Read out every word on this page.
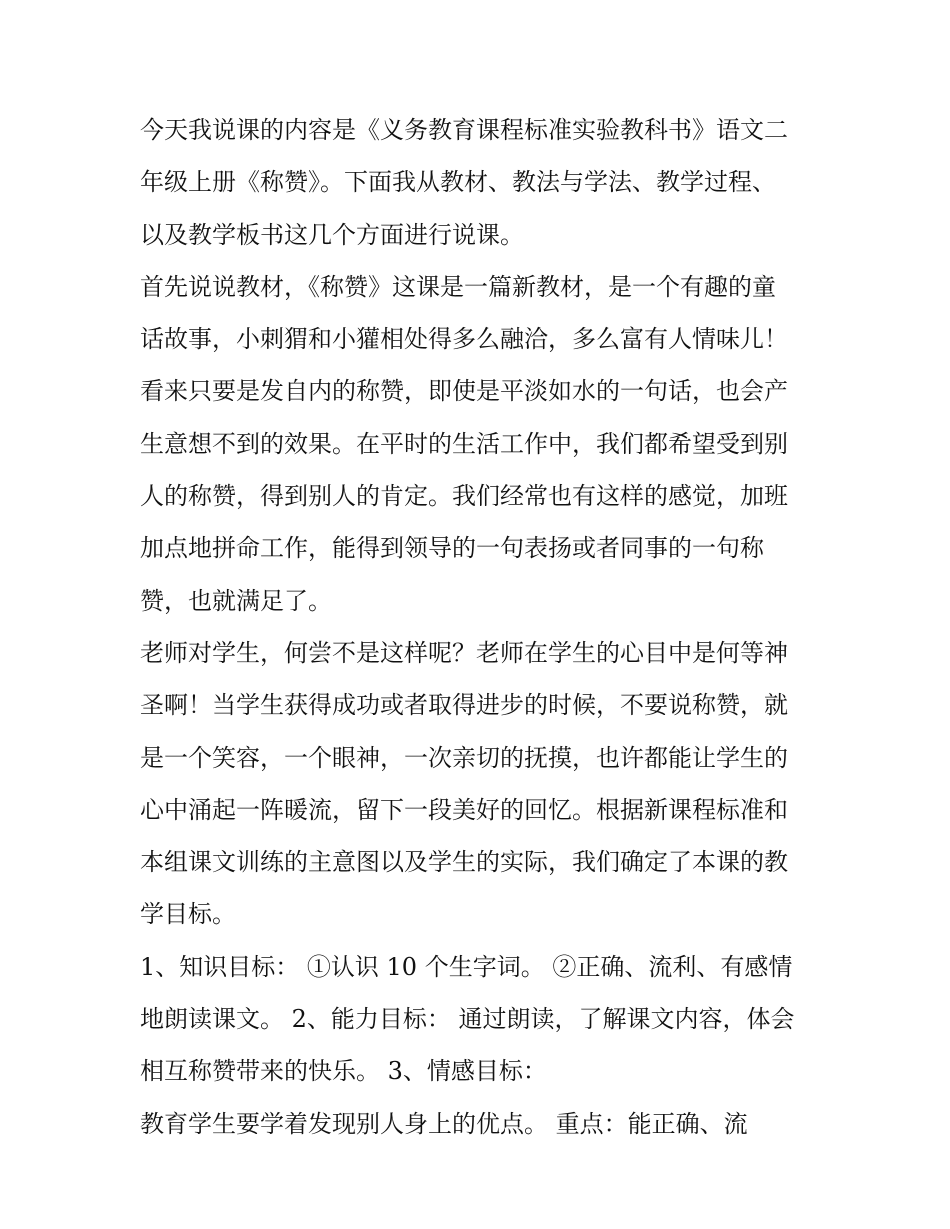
今天我说课的内容是《义务教育课程标准实验教科书》语文二
年级上册《称赞》。下面我从教材、教法与学法、教学过程、
以及教学板书这几个方面进行说课。
首先说说教材，《称赞》这课是一篇新教材，是一个有趣的童
话故事，小刺猬和小獾相处得多么融洽，多么富有人情味儿！
看来只要是发自内的称赞，即使是平淡如水的一句话，也会产
生意想不到的效果。在平时的生活工作中，我们都希望受到别
人的称赞，得到别人的肯定。我们经常也有这样的感觉，加班
加点地拼命工作，能得到领导的一句表扬或者同事的一句称
赞，也就满足了。
老师对学生，何尝不是这样呢？老师在学生的心目中是何等神
圣啊！当学生获得成功或者取得进步的时候，不要说称赞，就
是一个笑容，一个眼神，一次亲切的抚摸，也许都能让学生的
心中涌起一阵暖流，留下一段美好的回忆。根据新课程标准和
本组课文训练的主意图以及学生的实际，我们确定了本课的教
学目标。
1、知识目标： ①认识 10 个生字词。 ②正确、流利、有感情
地朗读课文。 2、能力目标： 通过朗读，了解课文内容，体会
相互称赞带来的快乐。 3、情感目标：
教育学生要学着发现别人身上的优点。 重点：能正确、流
